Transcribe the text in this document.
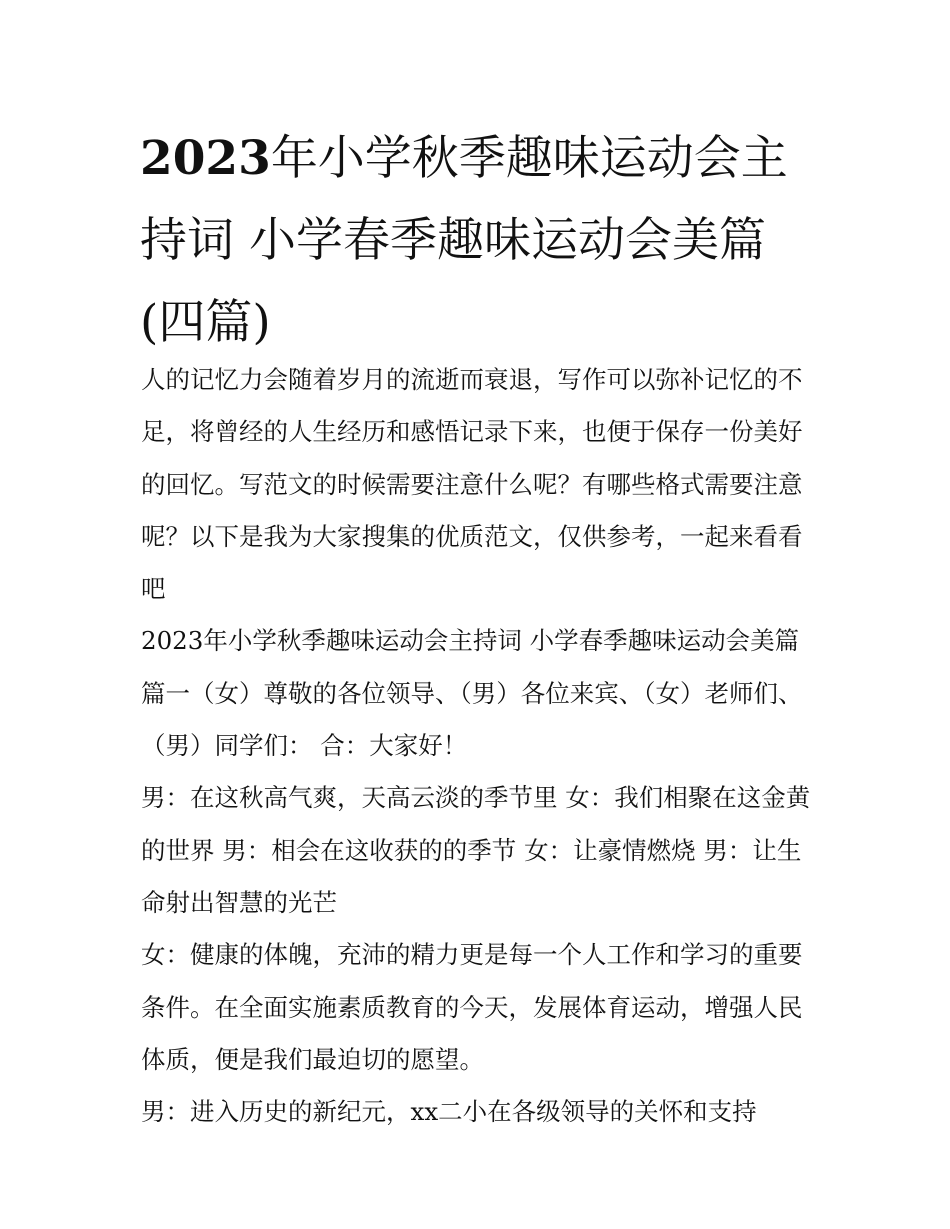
2023年小学秋季趣味运动会主持词 小学春季趣味运动会美篇(四篇)

人的记忆力会随着岁月的流逝而衰退，写作可以弥补记忆的不足，将曾经的人生经历和感悟记录下来，也便于保存一份美好的回忆。写范文的时候需要注意什么呢？有哪些格式需要注意呢？以下是我为大家搜集的优质范文，仅供参考，一起来看看吧

2023年小学秋季趣味运动会主持词 小学春季趣味运动会美篇篇一（女）尊敬的各位领导、（男）各位来宾、（女）老师们、（男）同学们： 合：大家好！

男：在这秋高气爽，天高云淡的季节里 女：我们相聚在这金黄的世界 男：相会在这收获的的季节 女：让豪情燃烧 男：让生命射出智慧的光芒

女：健康的体魄，充沛的精力更是每一个人工作和学习的重要条件。在全面实施素质教育的今天，发展体育运动，增强人民体质，便是我们最迫切的愿望。

男：进入历史的新纪元，xx二小在各级领导的关怀和支持
